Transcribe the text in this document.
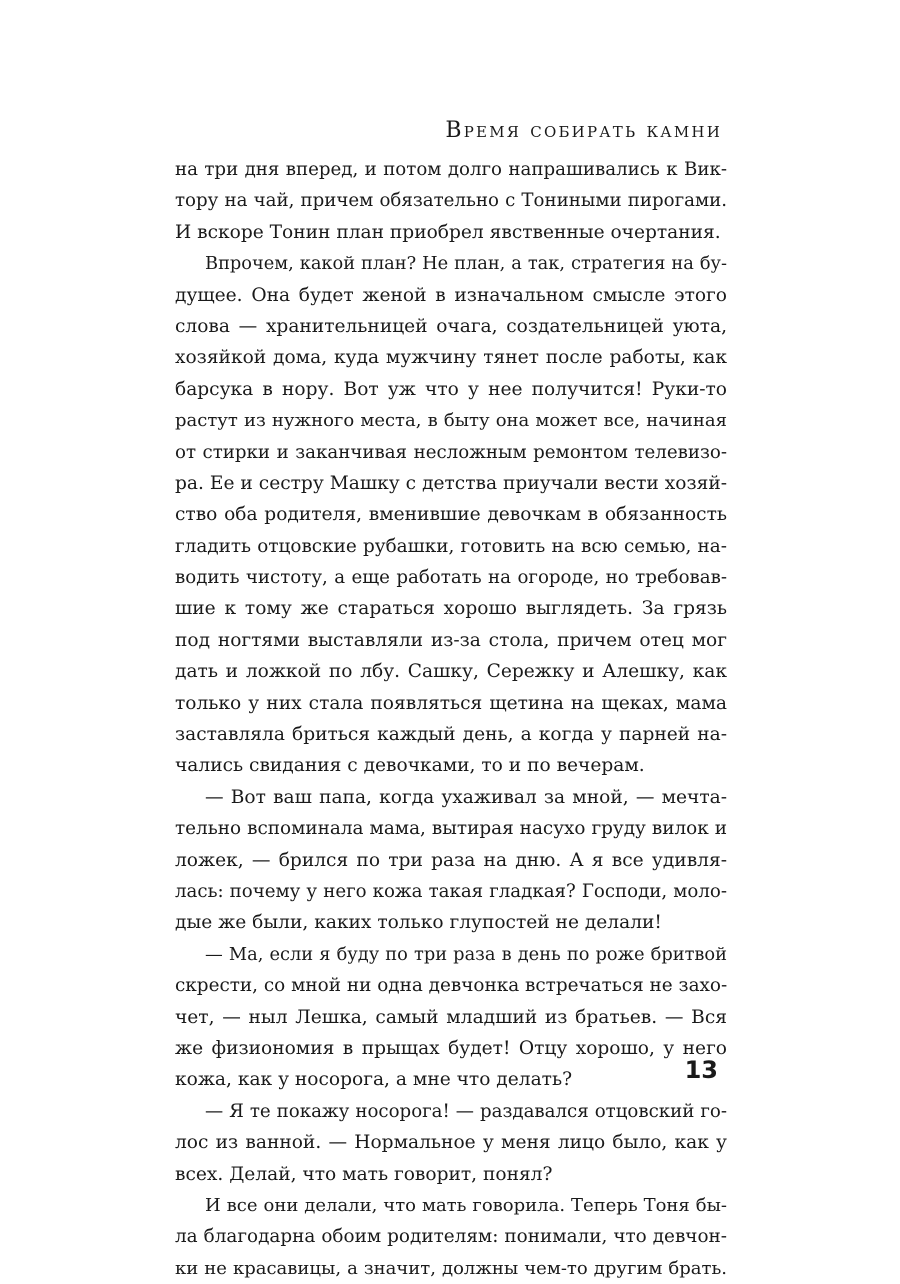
Время собирать камни
на три дня вперед, и потом долго напрашивались к Вик-
тору на чай, причем обязательно с Тониными пирогами.
И вскоре Тонин план приобрел явственные очертания.
Впрочем, какой план? Не план, а так, стратегия на бу-
дущее. Она будет женой в изначальном смысле этого
слова — хранительницей очага, создательницей уюта,
хозяйкой дома, куда мужчину тянет после работы, как
барсука в нору. Вот уж что у нее получится! Руки-то
растут из нужного места, в быту она может все, начиная
от стирки и заканчивая несложным ремонтом телевизо-
ра. Ее и сестру Машку с детства приучали вести хозяй-
ство оба родителя, вменившие девочкам в обязанность
гладить отцовские рубашки, готовить на всю семью, на-
водить чистоту, а еще работать на огороде, но требовав-
шие к тому же стараться хорошо выглядеть. За грязь
под ногтями выставляли из-за стола, причем отец мог
дать и ложкой по лбу. Сашку, Сережку и Алешку, как
только у них стала появляться щетина на щеках, мама
заставляла бриться каждый день, а когда у парней на-
чались свидания с девочками, то и по вечерам.
— Вот ваш папа, когда ухаживал за мной, — мечта-
тельно вспоминала мама, вытирая насухо груду вилок и
ложек, — брился по три раза на дню. А я все удивля-
лась: почему у него кожа такая гладкая? Господи, моло-
дые же были, каких только глупостей не делали!
— Ма, если я буду по три раза в день по роже бритвой
скрести, со мной ни одна девчонка встречаться не захо-
чет, — ныл Лешка, самый младший из братьев. — Вся
же физиономия в прыщах будет! Отцу хорошо, у него
кожа, как у носорога, а мне что делать?
— Я те покажу носорога! — раздавался отцовский го-
лос из ванной. — Нормальное у меня лицо было, как у
всех. Делай, что мать говорит, понял?
И все они делали, что мать говорила. Теперь Тоня бы-
ла благодарна обоим родителям: понимали, что девчон-
ки не красавицы, а значит, должны чем-то другим брать.
13
